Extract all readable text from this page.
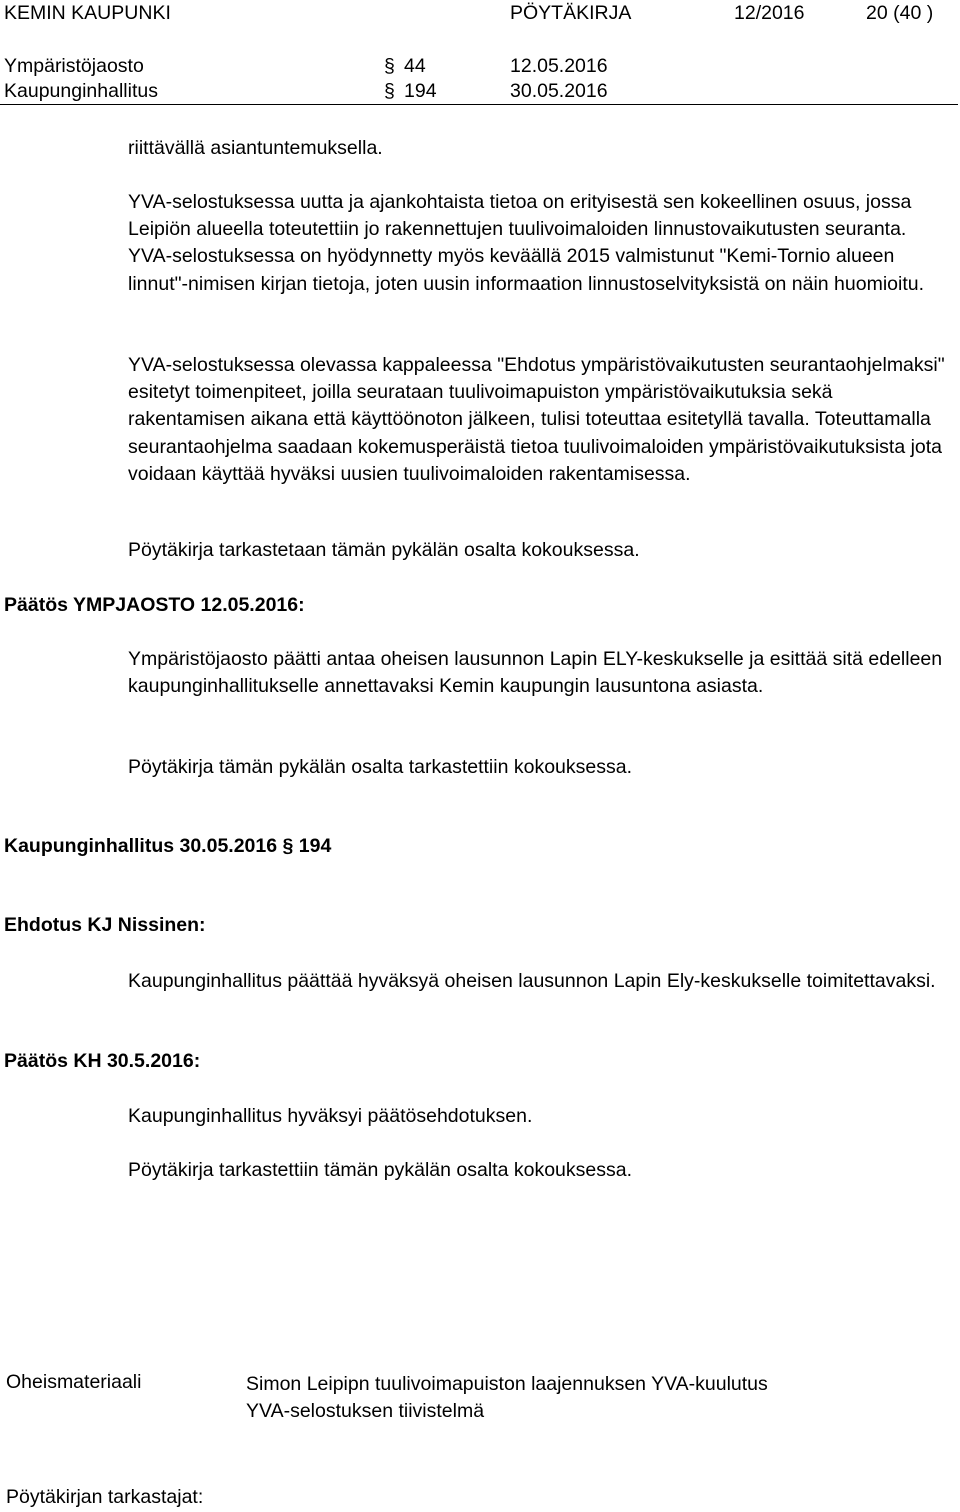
KEMIN KAUPUNKI	PÖYTÄKIRJA	12/2016	20 (40 )
Ympäristöjaosto	§ 44	12.05.2016
Kaupunginhallitus	§ 194	30.05.2016
riittävällä asiantuntemuksella.
YVA-selostuksessa uutta ja ajankohtaista tietoa on erityisestä sen kokeellinen osuus, jossa Leipiön alueella toteutettiin jo rakennettujen tuulivoimaloiden linnustovaikutusten seuranta. YVA-selostuksessa on hyödynnetty myös keväällä 2015 valmistunut "Kemi-Tornio alueen linnut"-nimisen kirjan tietoja, joten uusin informaation linnustoselvityksistä on näin huomioitu.
YVA-selostuksessa olevassa kappaleessa "Ehdotus ympäristövaikutusten seurantaohjelmaksi" esitetyt toimenpiteet, joilla seurataan tuulivoimapuiston ympäristövaikutuksia sekä rakentamisen aikana että käyttöönoton jälkeen, tulisi toteuttaa esitetyllä tavalla. Toteuttamalla seurantaohjelma saadaan kokemusperäistä tietoa tuulivoimaloiden ympäristövaikutuksista jota voidaan käyttää hyväksi uusien tuulivoimaloiden rakentamisessa.
Pöytäkirja tarkastetaan tämän pykälän osalta kokouksessa.
Päätös YMPJAOSTO 12.05.2016:
Ympäristöjaosto päätti antaa oheisen lausunnon Lapin ELY-keskukselle ja esittää sitä edelleen kaupunginhallitukselle annettavaksi Kemin kaupungin lausuntona asiasta.
Pöytäkirja tämän pykälän osalta tarkastettiin kokouksessa.
Kaupunginhallitus 30.05.2016 § 194
Ehdotus KJ Nissinen:
Kaupunginhallitus päättää hyväksyä oheisen lausunnon Lapin Ely-keskukselle toimitettavaksi.
Päätös KH 30.5.2016:
Kaupunginhallitus hyväksyi päätösehdotuksen.
Pöytäkirja tarkastettiin tämän pykälän osalta kokouksessa.
Oheismateriaali	Simon Leipipn tuulivoimapuiston laajennuksen YVA-kuulutus
YVA-selostuksen tiivistelmä
Pöytäkirjan tarkastajat:
